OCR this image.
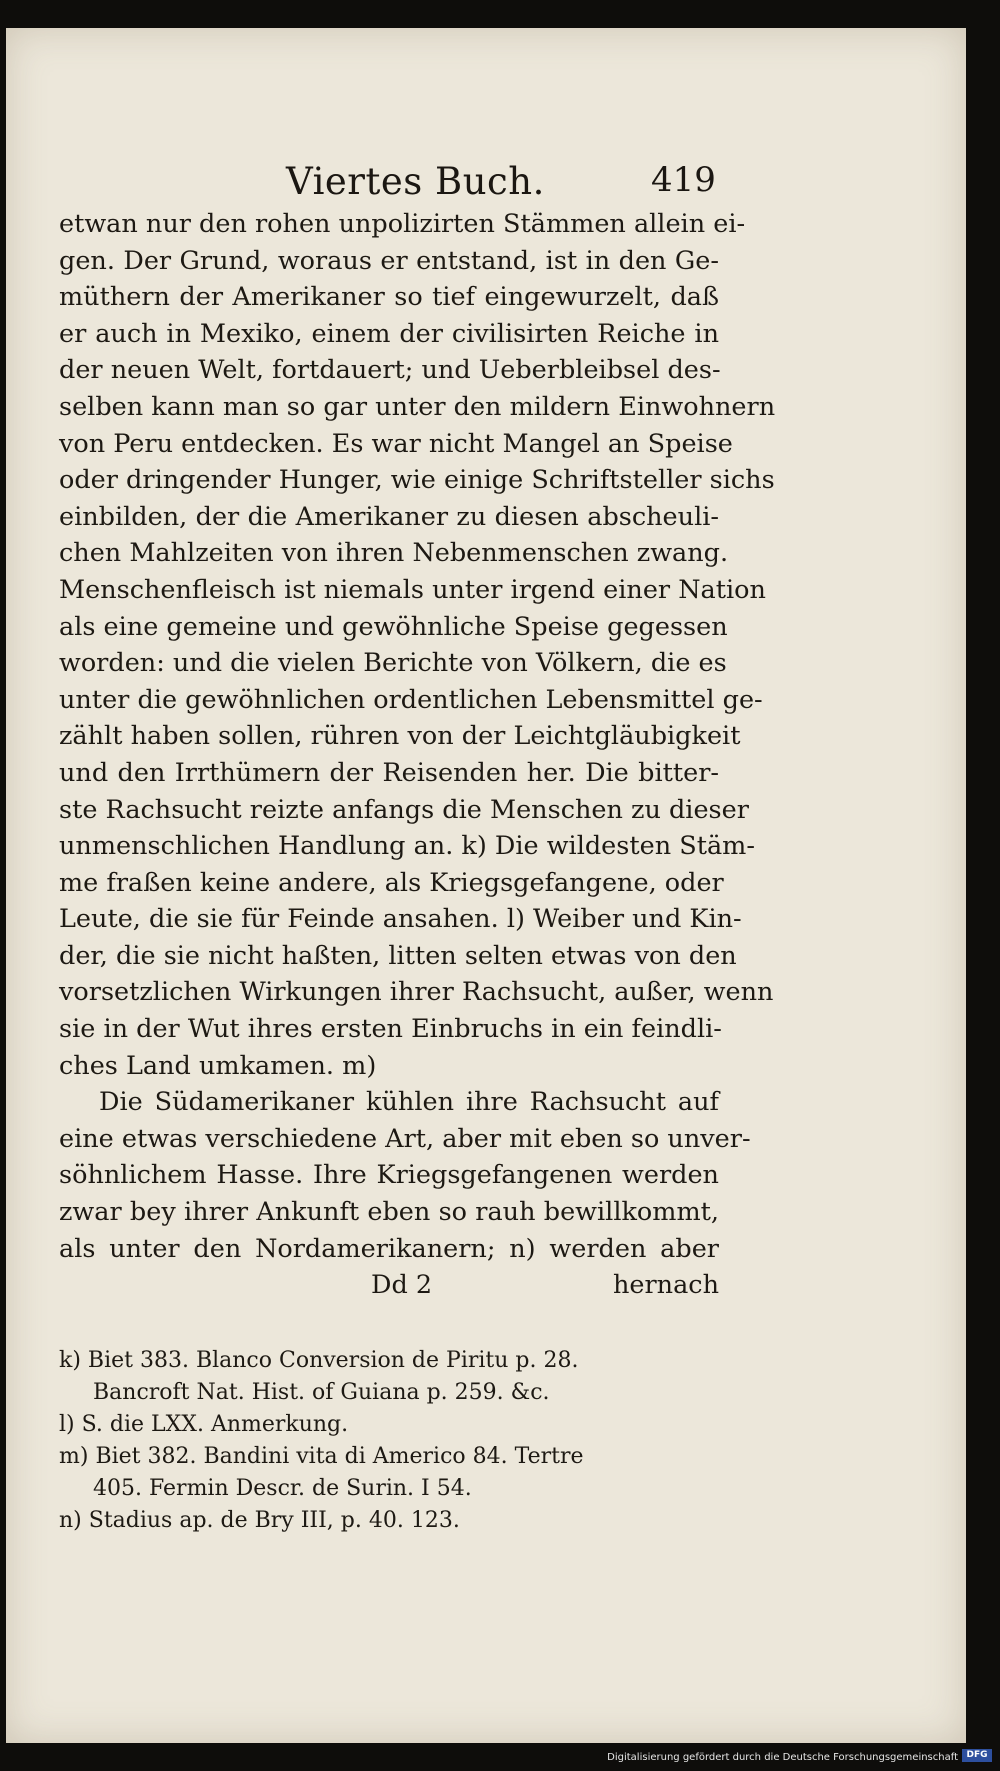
Viertes Buch.	419
etwan nur den rohen unpolizirten Stämmen allein ei-
gen. Der Grund, woraus er entstand, ist in den Ge-
müthern der Amerikaner so tief eingewurzelt, daß
er auch in Mexiko, einem der civilisirten Reiche in
der neuen Welt, fortdauert; und Ueberbleibsel des-
selben kann man so gar unter den mildern Einwohnern
von Peru entdecken. Es war nicht Mangel an Speise
oder dringender Hunger, wie einige Schriftsteller sichs
einbilden, der die Amerikaner zu diesen abscheuli-
chen Mahlzeiten von ihren Nebenmenschen zwang.
Menschenfleisch ist niemals unter irgend einer Nation
als eine gemeine und gewöhnliche Speise gegessen
worden: und die vielen Berichte von Völkern, die es
unter die gewöhnlichen ordentlichen Lebensmittel ge-
zählt haben sollen, rühren von der Leichtgläubigkeit
und den Irrthümern der Reisenden her. Die bitter-
ste Rachsucht reizte anfangs die Menschen zu dieser
unmenschlichen Handlung an. k) Die wildesten Stäm-
me fraßen keine andere, als Kriegsgefangene, oder
Leute, die sie für Feinde ansahen. l) Weiber und Kin-
der, die sie nicht haßten, litten selten etwas von den
vorsetzlichen Wirkungen ihrer Rachsucht, außer, wenn
sie in der Wut ihres ersten Einbruchs in ein feindli-
ches Land umkamen. m)
Die Südamerikaner kühlen ihre Rachsucht auf
eine etwas verschiedene Art, aber mit eben so unver-
söhnlichem Hasse. Ihre Kriegsgefangenen werden
zwar bey ihrer Ankunft eben so rauh bewillkommt,
als unter den Nordamerikanern; n) werden aber
Dd 2	hernach
k) Biet 383. Blanco Conversion de Piritu p. 28.
Bancroft Nat. Hist. of Guiana p. 259. &c.
l) S. die LXX. Anmerkung.
m) Biet 382. Bandini vita di Americo 84. Tertre
405. Fermin Descr. de Surin. I 54.
n) Stadius ap. de Bry III, p. 40. 123.
Digitalisierung gefördert durch die Deutsche Forschungsgemeinschaft DFG
